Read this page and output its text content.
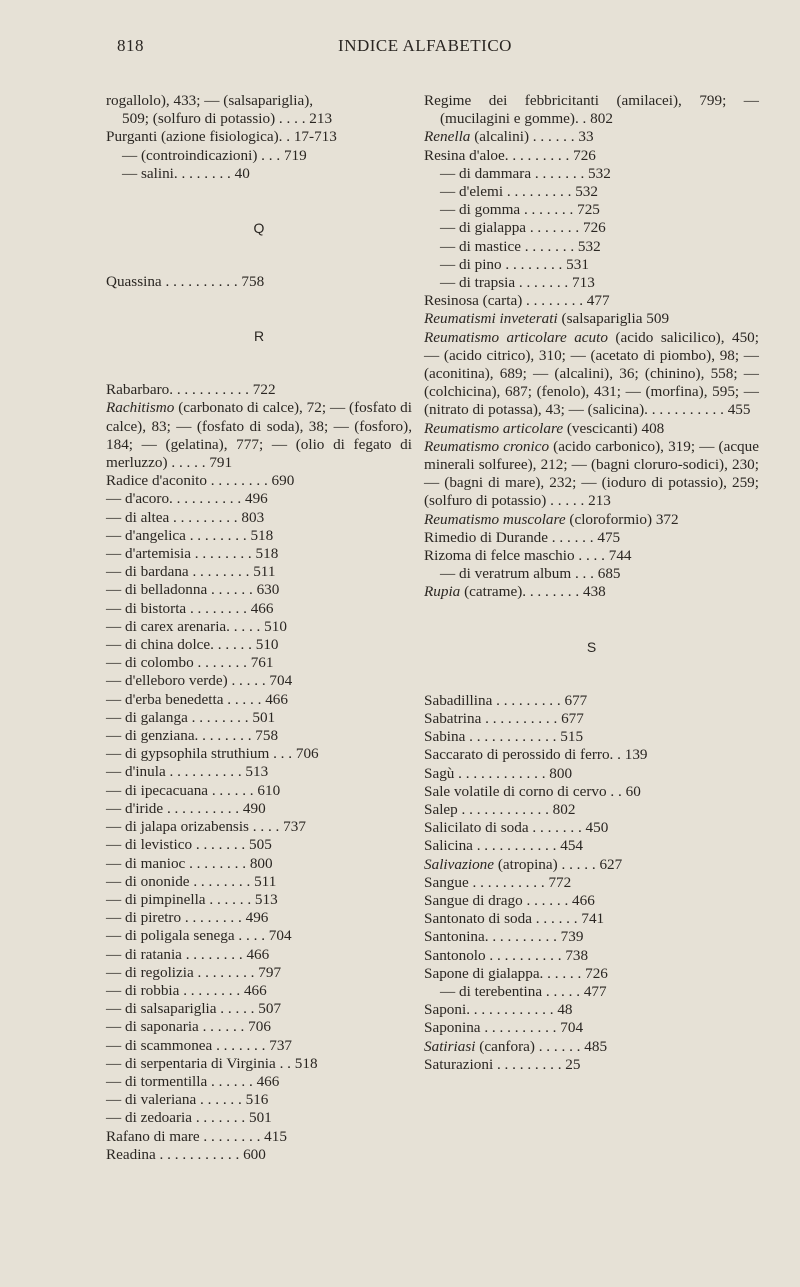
818	INDICE ALFABETICO
rogallolo), 433; — (salsapariglia),
509; (solfuro di potassio) . . . . 213
Purganti (azione fisiologica). . 17-713
— (controindicazioni) . . . 719
— salini. . . . . . . . 40
Q
Quassina . . . . . . . . . . 758
R
Rabarbaro. . . . . . . . . . . 722
Rachitismo (carbonato di calce), 72; — (fosfato di calce), 83; — (fosfato di soda), 38; — (fosforo), 184; — (gelatina), 777; — (olio di fegato di merluzzo) . . . . . 791
Radice d'aconito . . . . . . . . 690
— d'acoro. . . . . . . . . . 496
— di altea . . . . . . . . . 803
— d'angelica . . . . . . . . 518
— d'artemisia . . . . . . . . 518
— di bardana . . . . . . . . 511
— di belladonna . . . . . . 630
— di bistorta . . . . . . . . 466
— di carex arenaria. . . . . 510
— di china dolce. . . . . . 510
— di colombo . . . . . . . 761
— d'elleboro verde) . . . . . 704
— d'erba benedetta . . . . . 466
— di galanga . . . . . . . . 501
— di genziana. . . . . . . . 758
— di gypsophila struthium . . . 706
— d'inula . . . . . . . . . . 513
— di ipecacuana . . . . . . 610
— d'iride . . . . . . . . . . 490
— di jalapa orizabensis . . . . 737
— di levistico . . . . . . . 505
— di manioc . . . . . . . . 800
— di ononide . . . . . . . . 511
— di pimpinella . . . . . . 513
— di piretro . . . . . . . . 496
— di poligala senega . . . . 704
— di ratania . . . . . . . . 466
— di regolizia . . . . . . . . 797
— di robbia . . . . . . . . 466
— di salsapariglia . . . . . 507
— di saponaria . . . . . . 706
— di scammonea . . . . . . . 737
— di serpentaria di Virginia . . 518
— di tormentilla . . . . . . 466
— di valeriana . . . . . . 516
— di zedoaria . . . . . . . 501
Rafano di mare . . . . . . . . 415
Readina . . . . . . . . . . . 600
Regime dei febbricitanti (amilacei), 799; — (mucilagini e gomme). . 802
Renella (alcalini) . . . . . . 33
Resina d'aloe. . . . . . . . . 726
— di dammara . . . . . . . 532
— d'elemi . . . . . . . . . 532
— di gomma . . . . . . . 725
— di gialappa . . . . . . . 726
— di mastice . . . . . . . 532
— di pino . . . . . . . . 531
— di trapsia . . . . . . . 713
Resinosa (carta) . . . . . . . . 477
Reumatismi inveterati (salsapariglia 509
Reumatismo articolare acuto (acido salicilico), 450; — (acido citrico), 310; — (acetato di piombo), 98; — (aconitina), 689; — (alcalini), 36; (chinino), 558; — (colchicina), 687; (fenolo), 431; — (morfina), 595; — (nitrato di potassa), 43; — (salicina). . . . . . . . . . . 455
Reumatismo articolare (vescicanti) 408
Reumatismo cronico (acido carbonico), 319; — (acque minerali solfuree), 212; — (bagni cloruro-sodici), 230; — (bagni di mare), 232; — (ioduro di potassio), 259; (solfuro di potassio) . . . . . 213
Reumatismo muscolare (cloroformio) 372
Rimedio di Durande . . . . . . 475
Rizoma di felce maschio . . . . 744
— di veratrum album . . . 685
Rupia (catrame). . . . . . . . 438
S
Sabadillina . . . . . . . . . 677
Sabatrina . . . . . . . . . . 677
Sabina . . . . . . . . . . . . 515
Saccarato di perossido di ferro. . 139
Sagù . . . . . . . . . . . . 800
Sale volatile di corno di cervo . . 60
Salep . . . . . . . . . . . . 802
Salicilato di soda . . . . . . . 450
Salicina . . . . . . . . . . . 454
Salivazione (atropina) . . . . . 627
Sangue . . . . . . . . . . 772
Sangue di drago . . . . . . 466
Santonato di soda . . . . . . 741
Santonina. . . . . . . . . . 739
Santonolo . . . . . . . . . . 738
Sapone di gialappa. . . . . . 726
— di terebentina . . . . . 477
Saponi. . . . . . . . . . . . 48
Saponina . . . . . . . . . . 704
Satiriasi (canfora) . . . . . . 485
Saturazioni . . . . . . . . . 25
